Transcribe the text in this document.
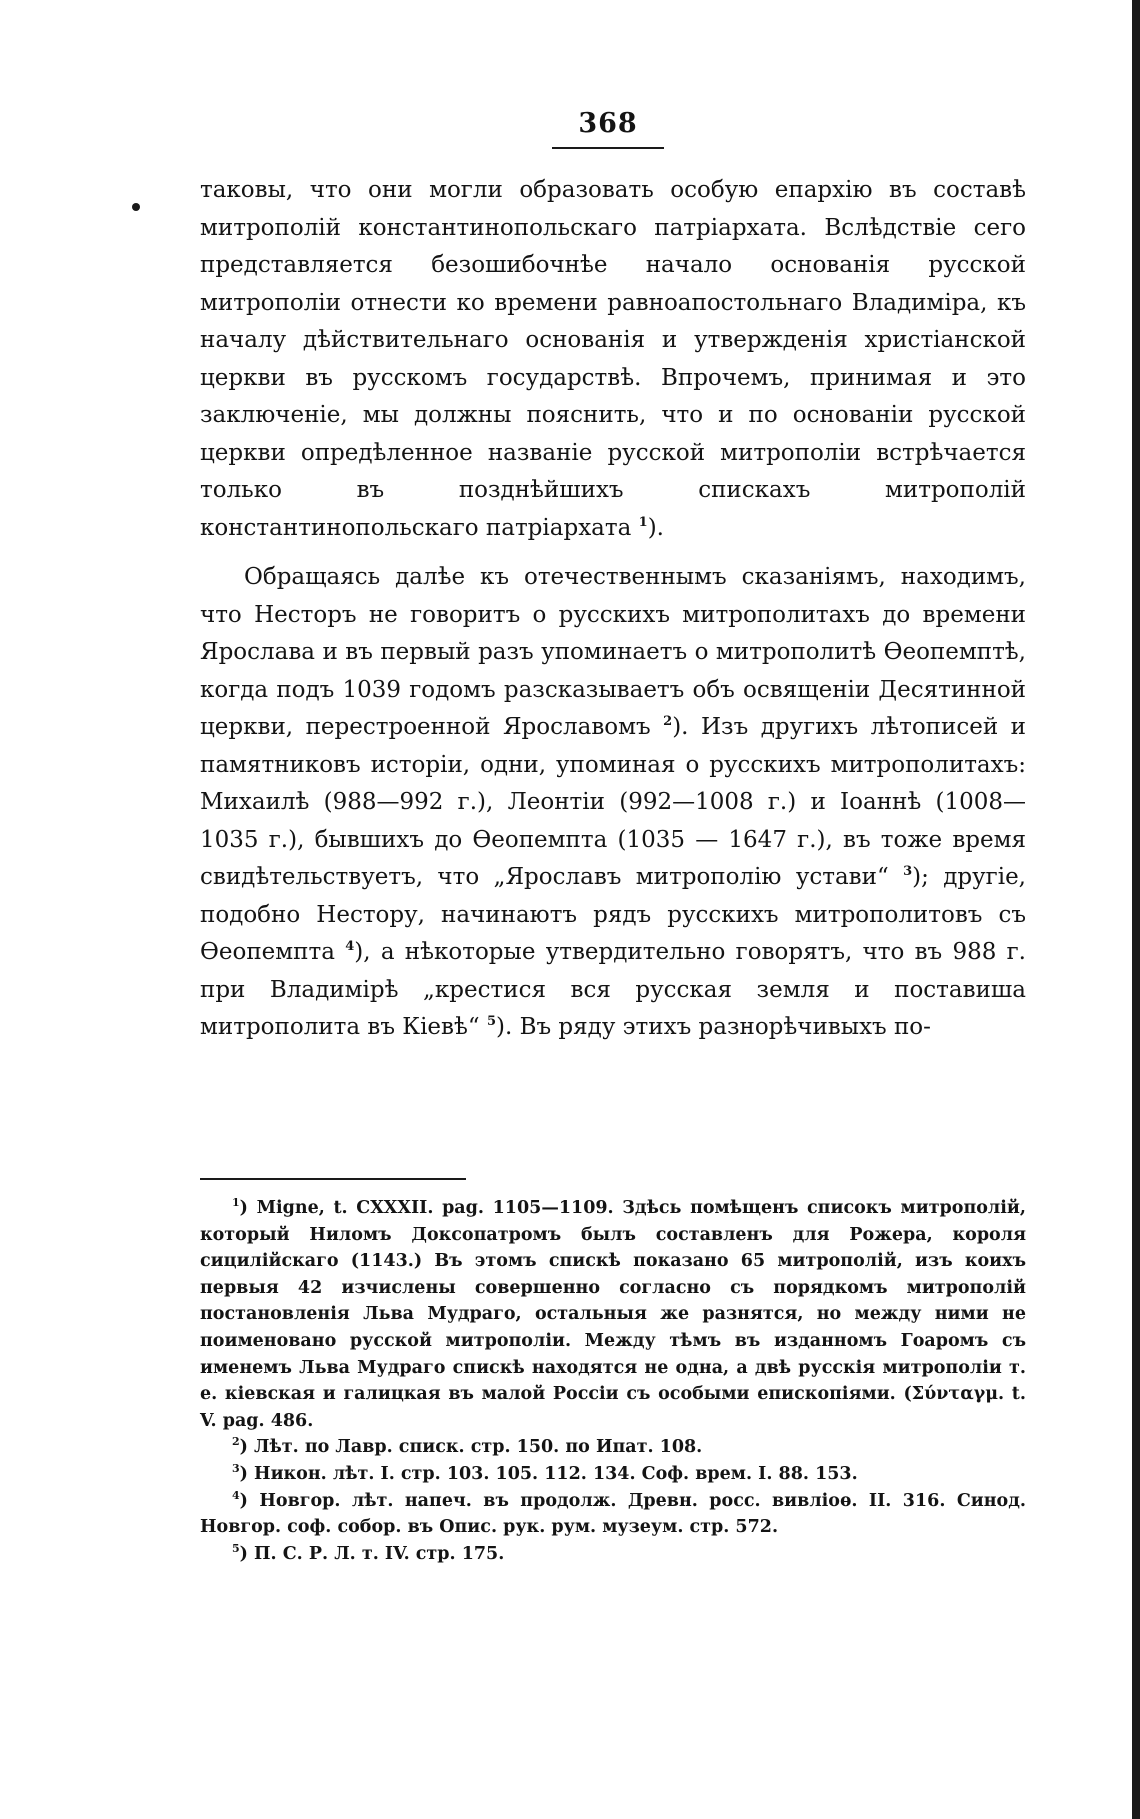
368

таковы, что они могли образовать особую епархію въ составѣ митрополій константинопольскаго патріархата. Вслѣдствіе сего представляется безошибочнѣе начало основанія русской митрополіи отнести ко времени равноапостольнаго Владиміра, къ началу дѣйствительнаго основанія и утвержденія христіанской церкви въ русскомъ государствѣ. Впрочемъ, принимая и это заключеніе, мы должны пояснить, что и по основаніи русской церкви опредѣленное названіе русской митрополіи встрѣчается только въ позднѣйшихъ спискахъ митрополій константинопольскаго патріархата $^1$).

Обращаясь далѣе къ отечественнымъ сказаніямъ, находимъ, что Несторъ не говоритъ о русскихъ митрополитахъ до времени Ярослава и въ первый разъ упоминаетъ о митрополитѣ Өеопемптѣ, когда подъ 1039 годомъ разсказываетъ объ освященіи Десятинной церкви, перестроенной Ярославомъ $^2$). Изъ другихъ лѣтописей и памятниковъ исторіи, одни, упоминая о русскихъ митрополитахъ: Михаилѣ (988—992 г.), Леонтіи (992—1008 г.) и Іоаннѣ (1008—1035 г.), бывшихъ до Өеопемпта (1035 — 1647 г.), въ тоже время свидѣтельствуетъ, что „Ярославъ митрополію устави“ $^3$); другіе, подобно Нестору, начинаютъ рядъ русскихъ митрополитовъ съ Өеопемпта $^4$), а нѣкоторые утвердительно говорятъ, что въ 988 г. при Владимірѣ „крестися вся русская земля и поставиша митрополита въ Кіевѣ“ $^5$). Въ ряду этихъ разнорѣчивыхъ по-

$^1$) Migne, t. CXXXII. pag. 1105—1109. Здѣсь помѣщенъ списокъ митрополій, который Ниломъ Доксопатромъ былъ составленъ для Рожера, короля сицилійскаго (1143.) Въ этомъ спискѣ показано 65 митрополій, изъ коихъ первыя 42 изчислены совершенно согласно съ порядкомъ митрополій постановленія Льва Мудраго, остальныя же разнятся, но между ними не поименовано русской митрополіи. Между тѣмъ въ изданномъ Гоаромъ съ именемъ Льва Мудраго спискѣ находятся не одна, а двѣ русскія митрополіи т. е. кіевская и галицкая въ малой Россіи съ особыми епископіями. (Σύνταγμ. t. V. pag. 486.

$^2$) Лѣт. по Лавр. списк. стр. 150. по Ипат. 108.

$^3$) Никон. лѣт. I. стр. 103. 105. 112. 134. Соф. врем. I. 88. 153.

$^4$) Новгор. лѣт. напеч. въ продолж. Древн. росс. вивліоѳ. II. 316. Синод. Новгор. соф. собор. въ Опис. рук. рум. музеум. стр. 572.

$^5$) П. С. Р. Л. т. IV. стр. 175.
